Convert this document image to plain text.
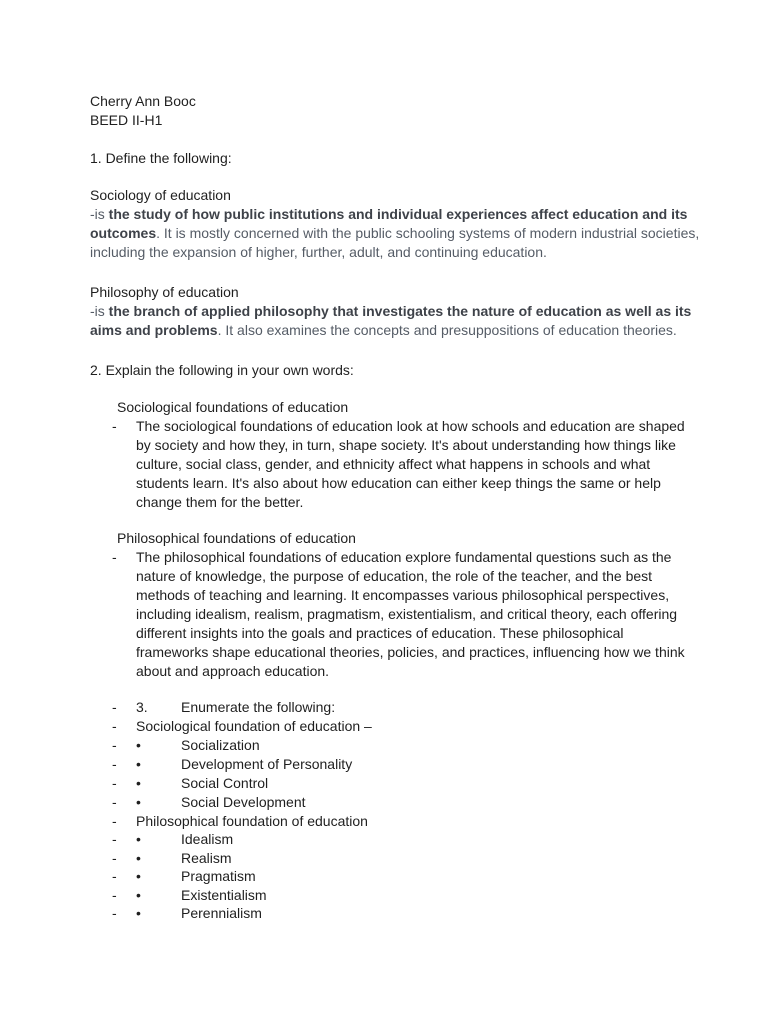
Cherry Ann Booc
BEED II-H1
1. Define the following:
Sociology of education
-is the study of how public institutions and individual experiences affect education and its
outcomes. It is mostly concerned with the public schooling systems of modern industrial societies,
including the expansion of higher, further, adult, and continuing education.
Philosophy of education
-is the branch of applied philosophy that investigates the nature of education as well as its
aims and problems. It also examines the concepts and presuppositions of education theories.
2. Explain the following in your own words:
Sociological foundations of education
- The sociological foundations of education look at how schools and education are shaped
by society and how they, in turn, shape society. It's about understanding how things like
culture, social class, gender, and ethnicity affect what happens in schools and what
students learn. It's also about how education can either keep things the same or help
change them for the better.
Philosophical foundations of education
- The philosophical foundations of education explore fundamental questions such as the
nature of knowledge, the purpose of education, the role of the teacher, and the best
methods of teaching and learning. It encompasses various philosophical perspectives,
including idealism, realism, pragmatism, existentialism, and critical theory, each offering
different insights into the goals and practices of education. These philosophical
frameworks shape educational theories, policies, and practices, influencing how we think
about and approach education.
- 3. Enumerate the following:
- Sociological foundation of education –
- •	Socialization
- •	Development of Personality
- •	Social Control
- •	Social Development
- Philosophical foundation of education
- •	Idealism
- •	Realism
- •	Pragmatism
- •	Existentialism
- •	Perennialism
